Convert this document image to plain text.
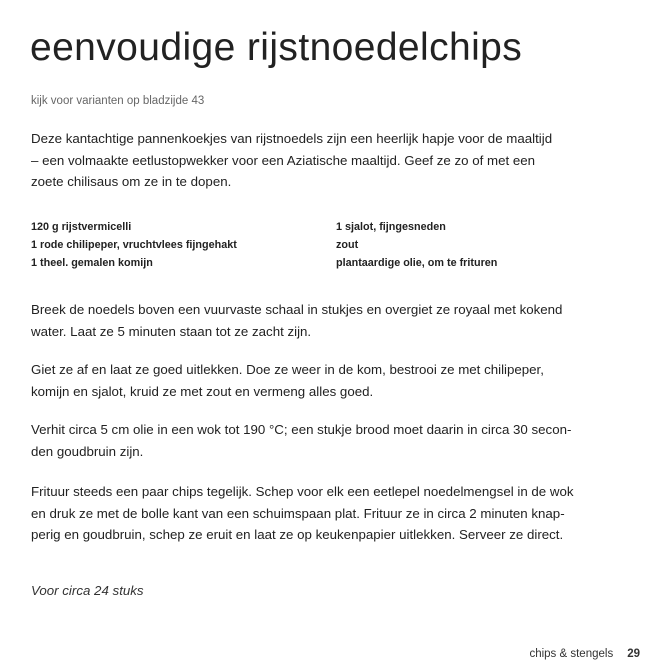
eenvoudige rijstnoedelchips
kijk voor varianten op bladzijde 43
Deze kantachtige pannenkoekjes van rijstnoedels zijn een heerlijk hapje voor de maaltijd
– een volmaakte eetlustopwekker voor een Aziatische maaltijd. Geef ze zo of met een
zoete chilisaus om ze in te dopen.
120 g rijstvermicelli
1 rode chilipeper, vruchtvlees fijngehakt
1 theel. gemalen komijn
1 sjalot, fijngesneden
zout
plantaardige olie, om te frituren
Breek de noedels boven een vuurvaste schaal in stukjes en overgiet ze royaal met kokend
water. Laat ze 5 minuten staan tot ze zacht zijn.
Giet ze af en laat ze goed uitlekken. Doe ze weer in de kom, bestrooi ze met chilipeper,
komijn en sjalot, kruid ze met zout en vermeng alles goed.
Verhit circa 5 cm olie in een wok tot 190 °C; een stukje brood moet daarin in circa 30 secon-
den goudbruin zijn.
Frituur steeds een paar chips tegelijk. Schep voor elk een eetlepel noedelmengsel in de wok
en druk ze met de bolle kant van een schuimspaan plat. Frituur ze in circa 2 minuten knap-
perig en goudbruin, schep ze eruit en laat ze op keukenpapier uitlekken. Serveer ze direct.
Voor circa 24 stuks
chips & stengels 29
